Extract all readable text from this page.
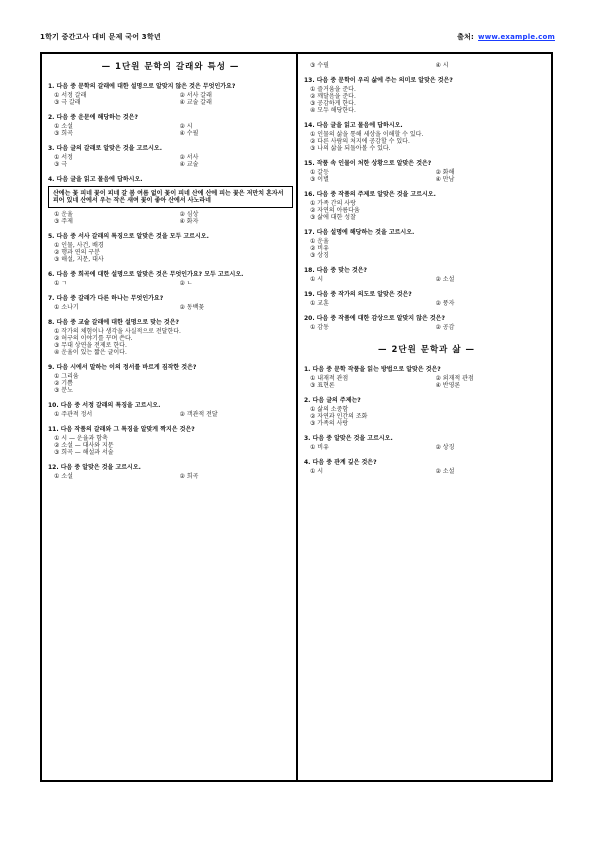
1학기 중간고사 대비 문제 국어 3학년	출처: www.example.com
— 1단원 문학의 갈래와 특성 —
1. 다음 중 문학의 갈래에 대한 설명으로 알맞지 않은 것은 무엇인가요?
① 서정 갈래	② 서사 갈래
③ 극 갈래	④ 교술 갈래
2. 다음 중 운문에 해당하는 것은?
① 소설	② 시
③ 희곡	④ 수필
3. 다음 글의 갈래로 알맞은 것을 고르시오.
① 서정	② 서사
③ 극	④ 교술
4. 다음 글을 읽고 물음에 답하시오.
산에는 꽃 피네 꽃이 피네 갈 봄 여름 없이 꽃이 피네 산에 산에 피는 꽃은 저만치 혼자서 피어 있네 산에서 우는 작은 새여 꽃이 좋아 산에서 사노라네
① 운율	② 심상
③ 주제	④ 화자
5. 다음 중 서사 갈래의 특징으로 알맞은 것을 모두 고르시오.
① 인물, 사건, 배경
② 행과 연의 구분
③ 해설, 지문, 대사
6. 다음 중 희곡에 대한 설명으로 알맞은 것은 무엇인가요? 모두 고르시오.
① ㄱ	② ㄴ
7. 다음 중 갈래가 다른 하나는 무엇인가요?
① 소나기	② 동백꽃
8. 다음 중 교술 갈래에 대한 설명으로 맞는 것은?
① 작가의 체험이나 생각을 사실적으로 전달한다.
② 허구의 이야기를 꾸며 쓴다.
③ 무대 상연을 전제로 한다.
④ 운율이 있는 짧은 글이다.
9. 다음 시에서 말하는 이의 정서를 바르게 짐작한 것은?
① 그리움
② 기쁨
③ 분노
10. 다음 중 서정 갈래의 특징을 고르시오.
① 주관적 정서	② 객관적 전달
11. 다음 작품의 갈래와 그 특징을 알맞게 짝지은 것은?
① 시 — 운율과 함축
② 소설 — 대사와 지문
③ 희곡 — 해설과 서술
12. 다음 중 알맞은 것을 고르시오.
① 소설	② 희곡
③ 수필	④ 시
13. 다음 중 문학이 우리 삶에 주는 의미로 알맞은 것은?
① 즐거움을 준다.
② 깨달음을 준다.
③ 공감하게 한다.
④ 모두 해당한다.
14. 다음 글을 읽고 물음에 답하시오.
① 인물의 삶을 통해 세상을 이해할 수 있다.
② 다른 사람의 처지에 공감할 수 있다.
③ 나의 삶을 되돌아볼 수 있다.
15. 작품 속 인물이 처한 상황으로 알맞은 것은?
① 갈등	② 화해
③ 이별	④ 만남
16. 다음 중 작품의 주제로 알맞은 것을 고르시오.
① 가족 간의 사랑
② 자연의 아름다움
③ 삶에 대한 성찰
17. 다음 설명에 해당하는 것을 고르시오.
① 운율
② 비유
③ 상징
18. 다음 중 맞는 것은?
① 시	② 소설
19. 다음 중 작가의 의도로 알맞은 것은?
① 교훈	② 풍자
20. 다음 중 작품에 대한 감상으로 알맞지 않은 것은?
① 감동	② 공감
— 2단원 문학과 삶 —
1. 다음 중 문학 작품을 읽는 방법으로 알맞은 것은?
① 내재적 관점	② 외재적 관점
③ 표현론	④ 반영론
2. 다음 글의 주제는?
① 삶의 소중함
② 자연과 인간의 조화
③ 가족의 사랑
3. 다음 중 알맞은 것을 고르시오.
① 비유	② 상징
4. 다음 중 관계 깊은 것은?
① 시	② 소설
